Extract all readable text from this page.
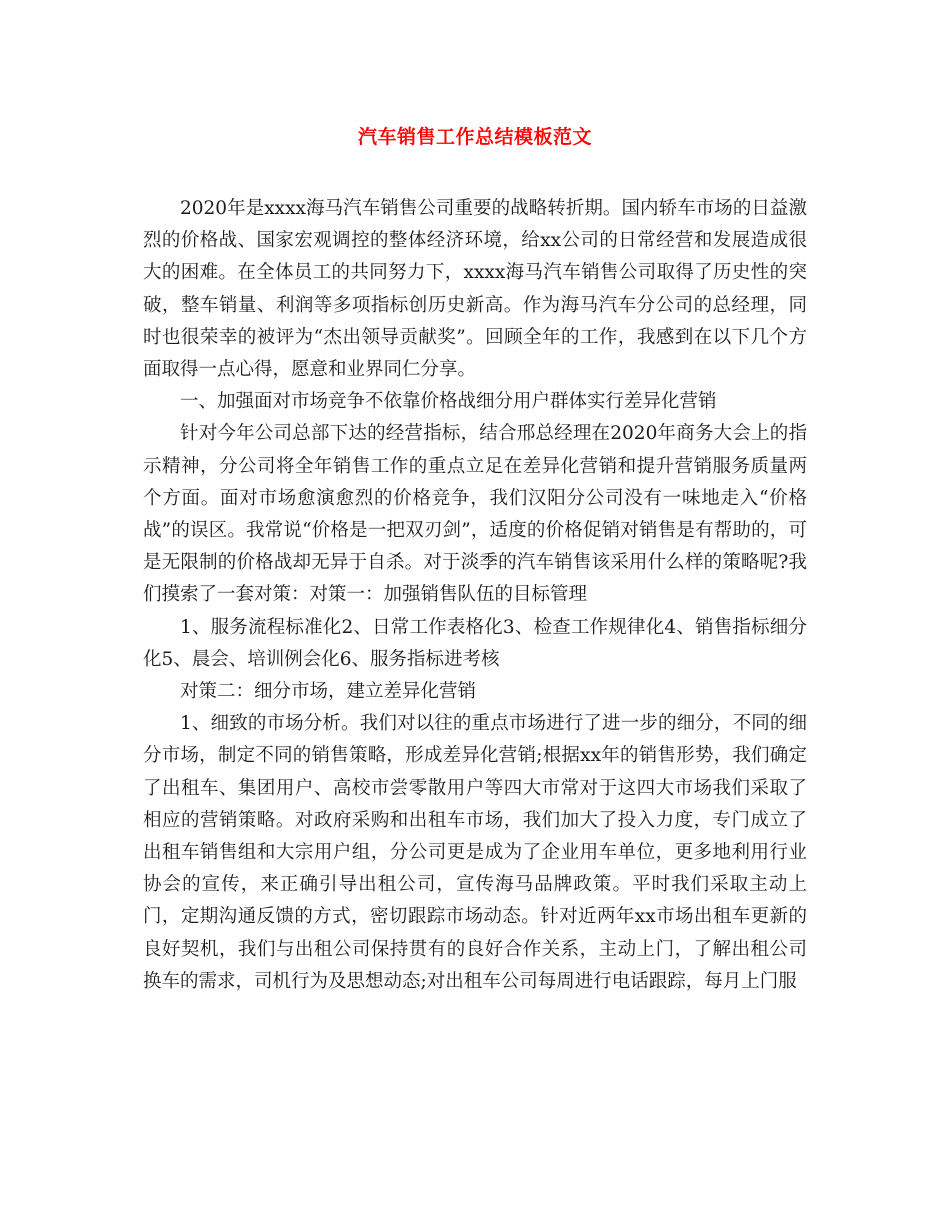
汽车销售工作总结模板范文

2020年是xxxx海马汽车销售公司重要的战略转折期。国内轿车市场的日益激烈的价格战、国家宏观调控的整体经济环境，给xx公司的日常经营和发展造成很大的困难。在全体员工的共同努力下，xxxx海马汽车销售公司取得了历史性的突破，整车销量、利润等多项指标创历史新高。作为海马汽车分公司的总经理，同时也很荣幸的被评为“杰出领导贡献奖”。回顾全年的工作，我感到在以下几个方面取得一点心得，愿意和业界同仁分享。

一、加强面对市场竞争不依靠价格战细分用户群体实行差异化营销

针对今年公司总部下达的经营指标，结合邢总经理在2020年商务大会上的指示精神，分公司将全年销售工作的重点立足在差异化营销和提升营销服务质量两个方面。面对市场愈演愈烈的价格竞争，我们汉阳分公司没有一味地走入“价格战”的误区。我常说“价格是一把双刃剑”，适度的价格促销对销售是有帮助的，可是无限制的价格战却无异于自杀。对于淡季的汽车销售该采用什么样的策略呢?我们摸索了一套对策：对策一：加强销售队伍的目标管理

1、服务流程标准化2、日常工作表格化3、检查工作规律化4、销售指标细分化5、晨会、培训例会化6、服务指标进考核

对策二：细分市场，建立差异化营销

1、细致的市场分析。我们对以往的重点市场进行了进一步的细分，不同的细分市场，制定不同的销售策略，形成差异化营销;根据xx年的销售形势，我们确定了出租车、集团用户、高校市尝零散用户等四大市常对于这四大市场我们采取了相应的营销策略。对政府采购和出租车市场，我们加大了投入力度，专门成立了出租车销售组和大宗用户组，分公司更是成为了企业用车单位，更多地利用行业协会的宣传，来正确引导出租公司，宣传海马品牌政策。平时我们采取主动上门，定期沟通反馈的方式，密切跟踪市场动态。针对近两年xx市场出租车更新的良好契机，我们与出租公司保持贯有的良好合作关系，主动上门，了解出租公司换车的需求，司机行为及思想动态;对出租车公司每周进行电话跟踪，每月上门服
